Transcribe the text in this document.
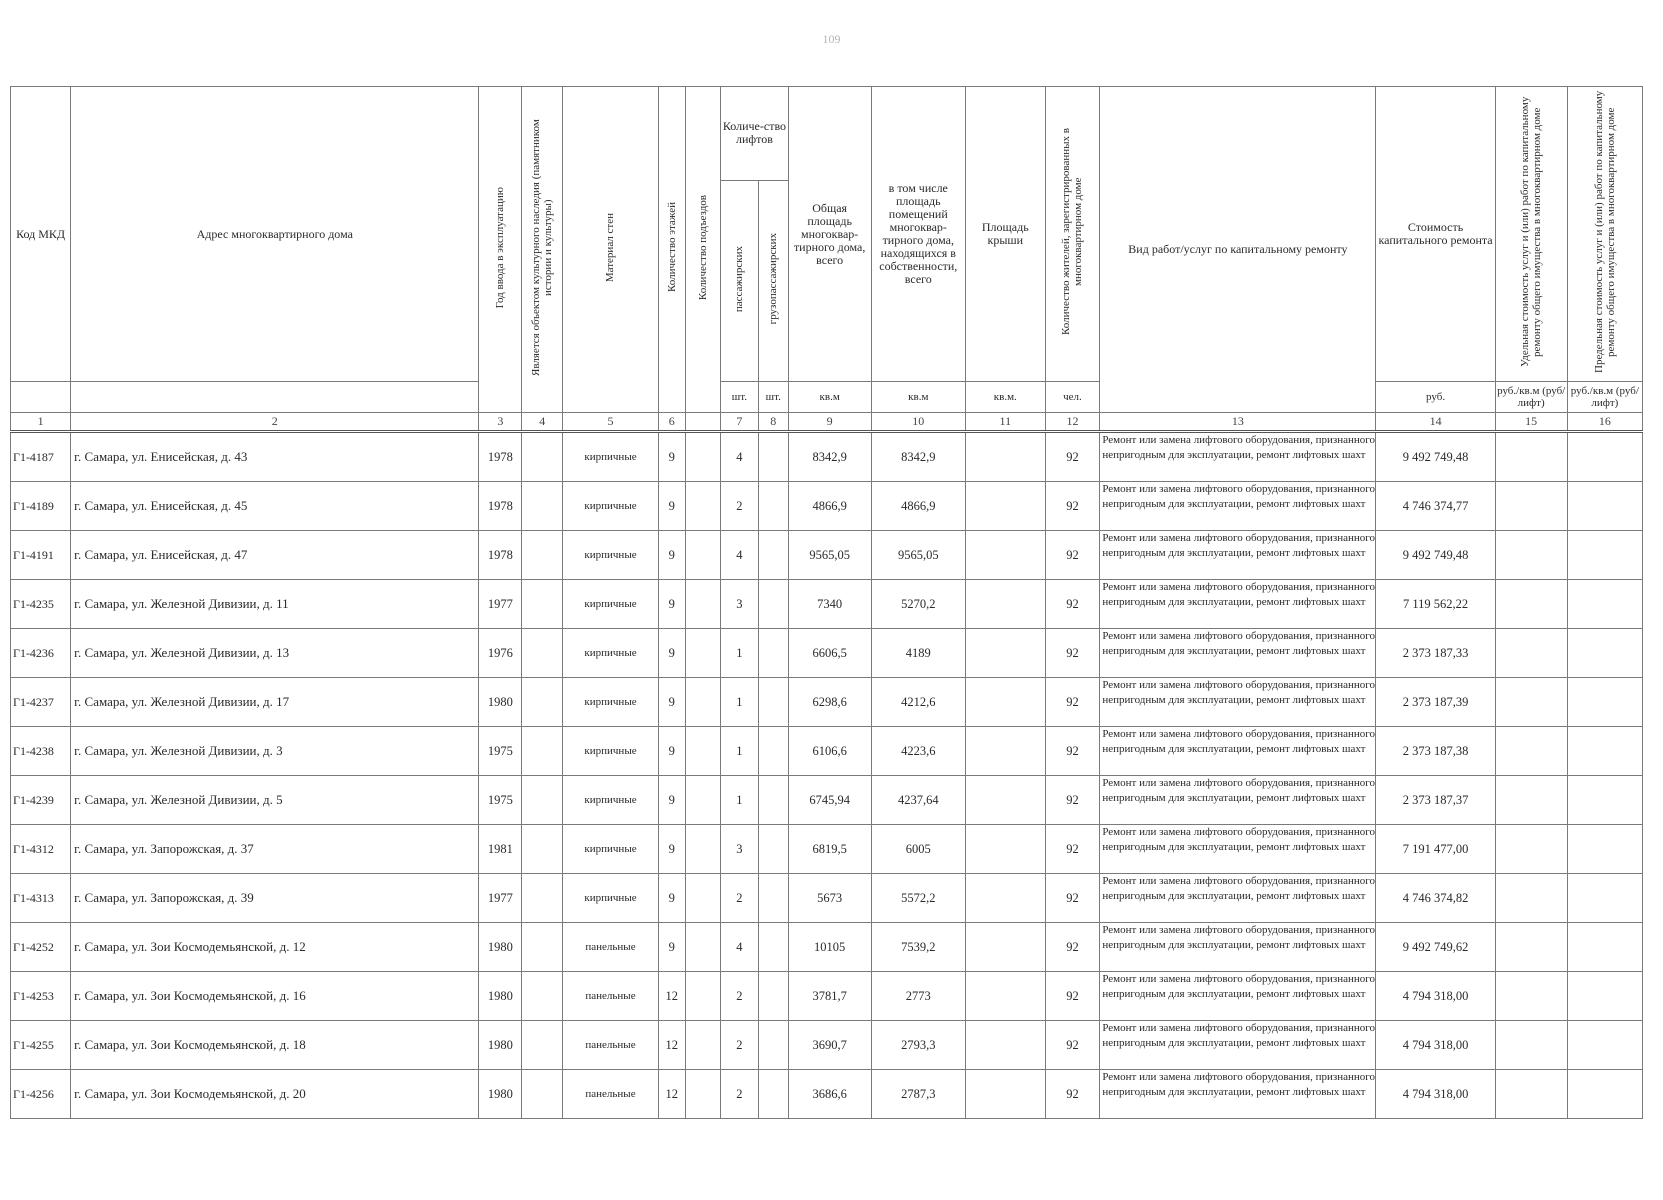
109
Код МКД	Адрес многоквартирного дома	Год ввода в эксплуатацию	Является объектом культурного наследия (памятником истории и культуры)	Материал стен	Количество этажей	Количество подъездов	Количе-ство лифтов		Общая площадь многоквар-тирного дома, всего	в том числе площадь помещений многоквар-тирного дома, находящихся в собственности, всего	Площадь крыши	Количество жителей, зарегистрированных в многоквартирном доме	Вид работ/услуг по капитальному ремонту	Стоимость капитального ремонта	Удельная стоимость услуг и (или) работ по капитальному ремонту общего имущества в многоквартирном доме	Предельная стоимость услуг и (или) работ по капитальному ремонту общего имущества в многоквартирном доме
							пассажирских	грузопассажирских								
							шт.	шт.	кв.м	кв.м	кв.м.	чел.		руб.	руб./кв.м (руб/лифт)	руб./кв.м (руб/лифт)
1	2	3	4	5	6		7	8	9	10	11	12	13	14	15	16
Г1-4187	г. Самара, ул. Енисейская, д. 43	1978		кирпичные	9		4		8342,9	8342,9		92	Ремонт или замена лифтового оборудования, признанного непригодным для эксплуатации, ремонт лифтовых шахт	9 492 749,48		
Г1-4189	г. Самара, ул. Енисейская, д. 45	1978		кирпичные	9		2		4866,9	4866,9		92	Ремонт или замена лифтового оборудования, признанного непригодным для эксплуатации, ремонт лифтовых шахт	4 746 374,77		
Г1-4191	г. Самара, ул. Енисейская, д. 47	1978		кирпичные	9		4		9565,05	9565,05		92	Ремонт или замена лифтового оборудования, признанного непригодным для эксплуатации, ремонт лифтовых шахт	9 492 749,48		
Г1-4235	г. Самара, ул. Железной Дивизии, д. 11	1977		кирпичные	9		3		7340	5270,2		92	Ремонт или замена лифтового оборудования, признанного непригодным для эксплуатации, ремонт лифтовых шахт	7 119 562,22		
Г1-4236	г. Самара, ул. Железной Дивизии, д. 13	1976		кирпичные	9		1		6606,5	4189		92	Ремонт или замена лифтового оборудования, признанного непригодным для эксплуатации, ремонт лифтовых шахт	2 373 187,33		
Г1-4237	г. Самара, ул. Железной Дивизии, д. 17	1980		кирпичные	9		1		6298,6	4212,6		92	Ремонт или замена лифтового оборудования, признанного непригодным для эксплуатации, ремонт лифтовых шахт	2 373 187,39		
Г1-4238	г. Самара, ул. Железной Дивизии, д. 3	1975		кирпичные	9		1		6106,6	4223,6		92	Ремонт или замена лифтового оборудования, признанного непригодным для эксплуатации, ремонт лифтовых шахт	2 373 187,38		
Г1-4239	г. Самара, ул. Железной Дивизии, д. 5	1975		кирпичные	9		1		6745,94	4237,64		92	Ремонт или замена лифтового оборудования, признанного непригодным для эксплуатации, ремонт лифтовых шахт	2 373 187,37		
Г1-4312	г. Самара, ул. Запорожская, д. 37	1981		кирпичные	9		3		6819,5	6005		92	Ремонт или замена лифтового оборудования, признанного непригодным для эксплуатации, ремонт лифтовых шахт	7 191 477,00		
Г1-4313	г. Самара, ул. Запорожская, д. 39	1977		кирпичные	9		2		5673	5572,2		92	Ремонт или замена лифтового оборудования, признанного непригодным для эксплуатации, ремонт лифтовых шахт	4 746 374,82		
Г1-4252	г. Самара, ул. Зои Космодемьянской, д. 12	1980		панельные	9		4		10105	7539,2		92	Ремонт или замена лифтового оборудования, признанного непригодным для эксплуатации, ремонт лифтовых шахт	9 492 749,62		
Г1-4253	г. Самара, ул. Зои Космодемьянской, д. 16	1980		панельные	12		2		3781,7	2773		92	Ремонт или замена лифтового оборудования, признанного непригодным для эксплуатации, ремонт лифтовых шахт	4 794 318,00		
Г1-4255	г. Самара, ул. Зои Космодемьянской, д. 18	1980		панельные	12		2		3690,7	2793,3		92	Ремонт или замена лифтового оборудования, признанного непригодным для эксплуатации, ремонт лифтовых шахт	4 794 318,00		
Г1-4256	г. Самара, ул. Зои Космодемьянской, д. 20	1980		панельные	12		2		3686,6	2787,3		92	Ремонт или замена лифтового оборудования, признанного непригодным для эксплуатации, ремонт лифтовых шахт	4 794 318,00		
